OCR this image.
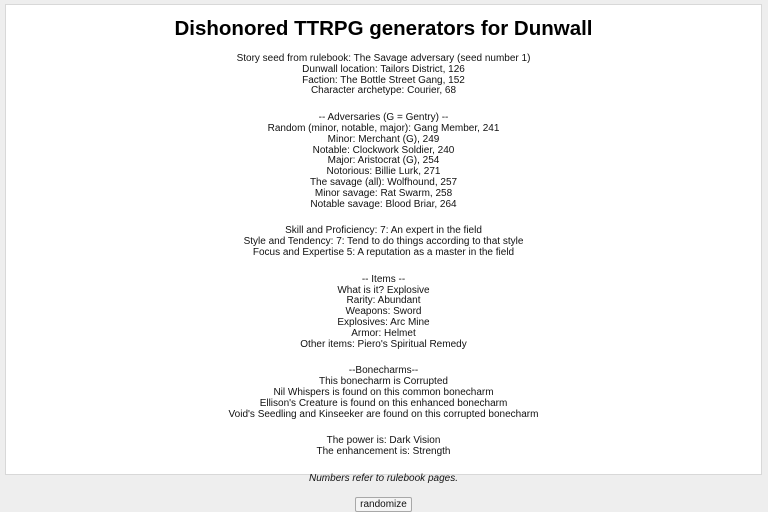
Dishonored TTRPG generators for Dunwall
Story seed from rulebook: The Savage adversary (seed number 1)
Dunwall location: Tailors District, 126
Faction: The Bottle Street Gang, 152
Character archetype: Courier, 68
-- Adversaries (G = Gentry) --
Random (minor, notable, major): Gang Member, 241
Minor: Merchant (G), 249
Notable: Clockwork Soldier, 240
Major: Aristocrat (G), 254
Notorious: Billie Lurk, 271
The savage (all): Wolfhound, 257
Minor savage: Rat Swarm, 258
Notable savage: Blood Briar, 264
Skill and Proficiency: 7: An expert in the field
Style and Tendency: 7: Tend to do things according to that style
Focus and Expertise 5: A reputation as a master in the field
-- Items --
What is it? Explosive
Rarity: Abundant
Weapons: Sword
Explosives: Arc Mine
Armor: Helmet
Other items: Piero's Spiritual Remedy
--Bonecharms--
This bonecharm is Corrupted
Nil Whispers is found on this common bonecharm
Ellison's Creature is found on this enhanced bonecharm
Void's Seedling and Kinseeker are found on this corrupted bonecharm
The power is: Dark Vision
The enhancement is: Strength
Numbers refer to rulebook pages.
randomize
